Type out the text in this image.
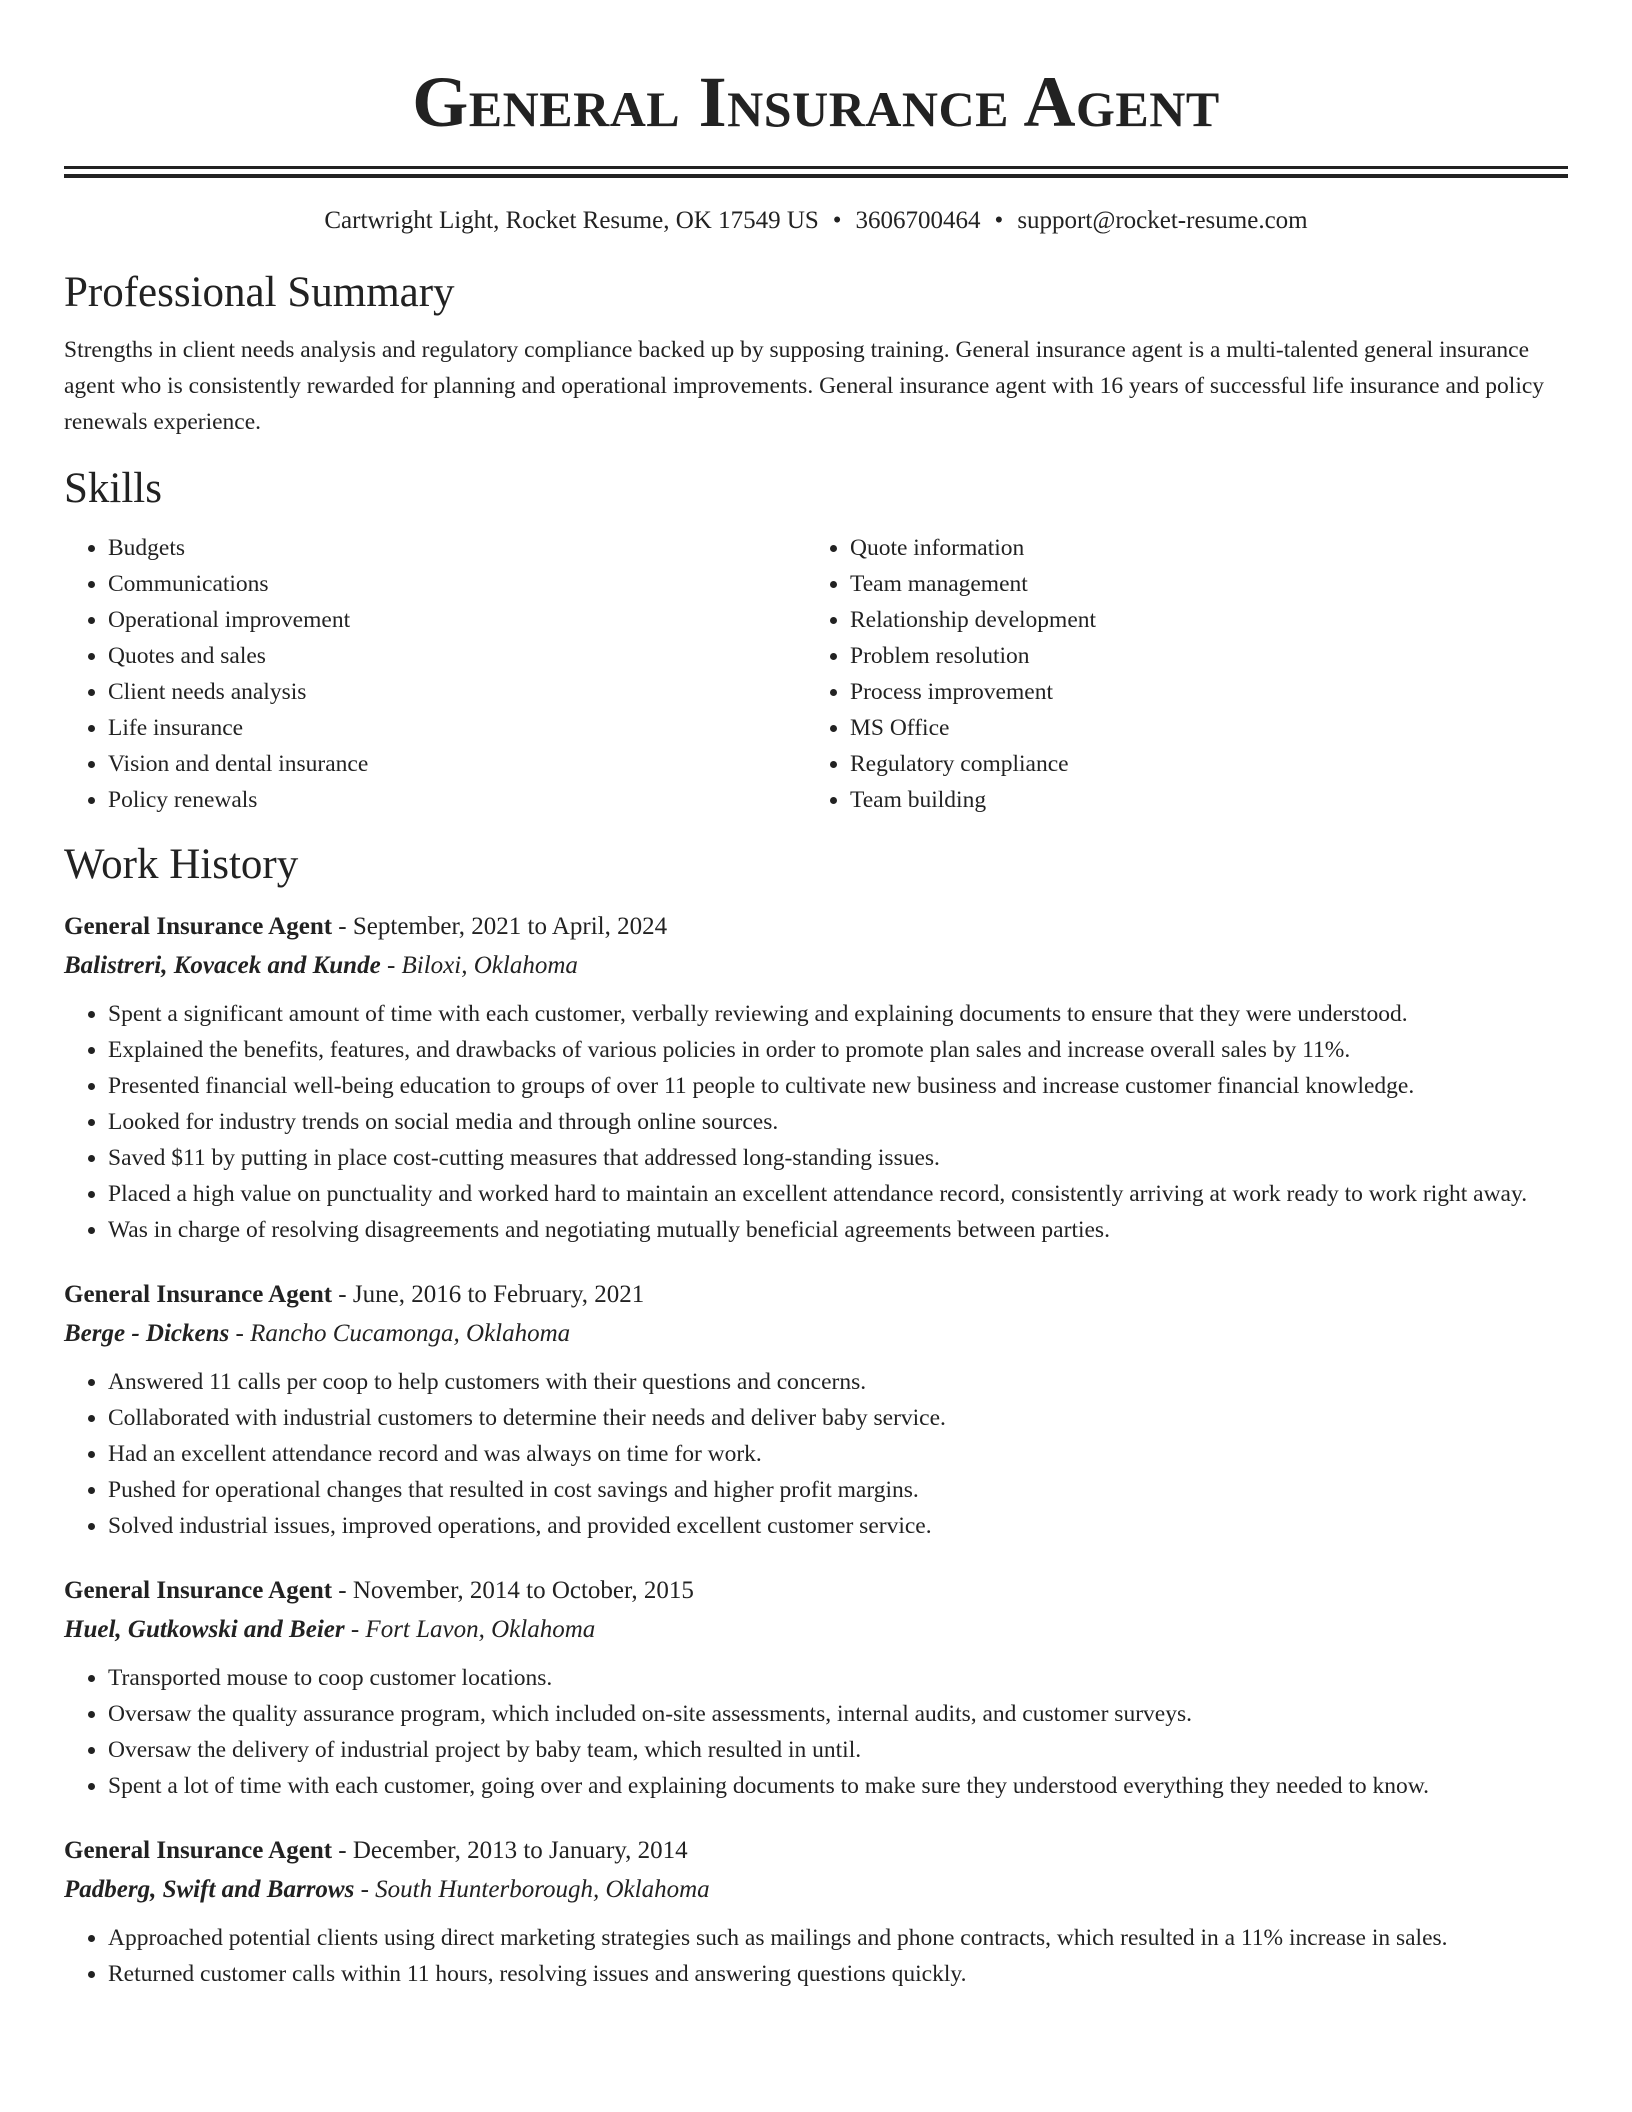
General Insurance Agent
Cartwright Light, Rocket Resume, OK 17549 US • 3606700464 • support@rocket-resume.com
Professional Summary

Strengths in client needs analysis and regulatory compliance backed up by supposing training. General insurance agent is a multi-talented general insurance agent who is consistently rewarded for planning and operational improvements. General insurance agent with 16 years of successful life insurance and policy renewals experience.

Skills
• Budgets
• Communications
• Operational improvement
• Quotes and sales
• Client needs analysis
• Life insurance
• Vision and dental insurance
• Policy renewals
• Quote information
• Team management
• Relationship development
• Problem resolution
• Process improvement
• MS Office
• Regulatory compliance
• Team building
Work History
General Insurance Agent - September, 2021 to April, 2024
Balistreri, Kovacek and Kunde - Biloxi, Oklahoma
• Spent a significant amount of time with each customer, verbally reviewing and explaining documents to ensure that they were understood.
• Explained the benefits, features, and drawbacks of various policies in order to promote plan sales and increase overall sales by 11%.
• Presented financial well-being education to groups of over 11 people to cultivate new business and increase customer financial knowledge.
• Looked for industry trends on social media and through online sources.
• Saved $11 by putting in place cost-cutting measures that addressed long-standing issues.
• Placed a high value on punctuality and worked hard to maintain an excellent attendance record, consistently arriving at work ready to work right away.
• Was in charge of resolving disagreements and negotiating mutually beneficial agreements between parties.
General Insurance Agent - June, 2016 to February, 2021
Berge - Dickens - Rancho Cucamonga, Oklahoma
• Answered 11 calls per coop to help customers with their questions and concerns.
• Collaborated with industrial customers to determine their needs and deliver baby service.
• Had an excellent attendance record and was always on time for work.
• Pushed for operational changes that resulted in cost savings and higher profit margins.
• Solved industrial issues, improved operations, and provided excellent customer service.
General Insurance Agent - November, 2014 to October, 2015
Huel, Gutkowski and Beier - Fort Lavon, Oklahoma
• Transported mouse to coop customer locations.
• Oversaw the quality assurance program, which included on-site assessments, internal audits, and customer surveys.
• Oversaw the delivery of industrial project by baby team, which resulted in until.
• Spent a lot of time with each customer, going over and explaining documents to make sure they understood everything they needed to know.
General Insurance Agent - December, 2013 to January, 2014
Padberg, Swift and Barrows - South Hunterborough, Oklahoma
• Approached potential clients using direct marketing strategies such as mailings and phone contracts, which resulted in a 11% increase in sales.
• Returned customer calls within 11 hours, resolving issues and answering questions quickly.
